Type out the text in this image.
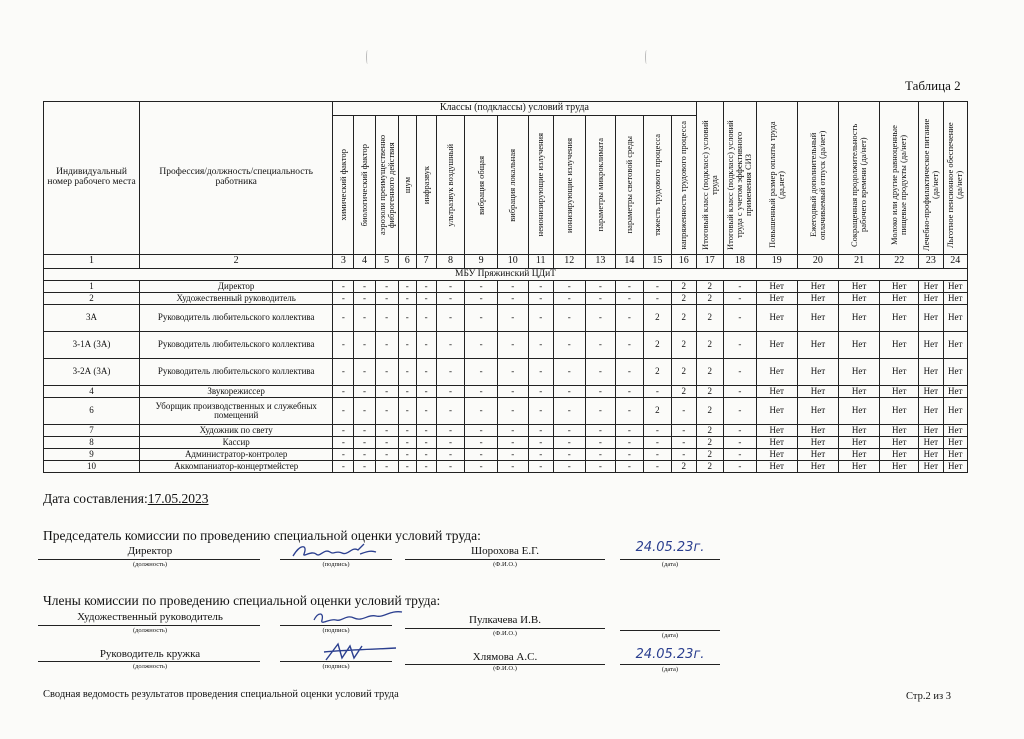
Таблица 2
Индивидуальный номер рабочего места	Профессия/должность/специальность работника	Классы (подклассы) условий труда														Итоговый класс (подкласс) условий труда	Итоговый класс (подкласс) условий труда с учетом эффективного применения СИЗ	Повышенный размер оплаты труда (да,нет)	Ежегодный дополнительный оплачиваемый отпуск (да/нет)	Сокращенная продолжительность рабочего времени (да/нет)	Молоко или другие равноценные пищевые продукты (да/нет)	Лечебно-профилактическое питание (да/нет)	Льготное пенсионное обеспечение (да/нет)

		химический фактор	биологический фактор	аэрозоли преимущественно фиброгенного действия	шум	инфразвук	ультразвук воздушный	вибрация общая	вибрация локальная	неионизирующие излучения	ионизирующие излучения	параметры микроклимата	параметры световой среды	тяжесть трудового процесса	напряженность трудового процесса								

1	2	3	4	5	6	7	8	9	10	11	12	13	14	15	16	17	18	19	20	21	22	23	24
МБУ Пряжинский ЦДиТ																							
1	Директор	-	-	-	-	-	-	-	-	-	-	-	-	-	2	2	-	Нет	Нет	Нет	Нет	Нет	Нет
2	Художественный руководитель	-	-	-	-	-	-	-	-	-	-	-	-	-	2	2	-	Нет	Нет	Нет	Нет	Нет	Нет
3А	Руководитель любительского коллектива	-	-	-	-	-	-	-	-	-	-	-	-	2	2	2	-	Нет	Нет	Нет	Нет	Нет	Нет
3-1А (3А)	Руководитель любительского коллектива	-	-	-	-	-	-	-	-	-	-	-	-	2	2	2	-	Нет	Нет	Нет	Нет	Нет	Нет
3-2А (3А)	Руководитель любительского коллектива	-	-	-	-	-	-	-	-	-	-	-	-	2	2	2	-	Нет	Нет	Нет	Нет	Нет	Нет
4	Звукорежиссер	-	-	-	-	-	-	-	-	-	-	-	-	-	2	2	-	Нет	Нет	Нет	Нет	Нет	Нет
6	Уборщик производственных и служебных помещений	-	-	-	-	-	-	-	-	-	-	-	-	2	-	2	-	Нет	Нет	Нет	Нет	Нет	Нет
7	Художник по свету	-	-	-	-	-	-	-	-	-	-	-	-	-	-	2	-	Нет	Нет	Нет	Нет	Нет	Нет
8	Кассир	-	-	-	-	-	-	-	-	-	-	-	-	-	-	2	-	Нет	Нет	Нет	Нет	Нет	Нет
9	Администратор-контролер	-	-	-	-	-	-	-	-	-	-	-	-	-	-	2	-	Нет	Нет	Нет	Нет	Нет	Нет
10	Аккомпаниатор-концертмейстер	-	-	-	-	-	-	-	-	-	-	-	-	-	2	2	-	Нет	Нет	Нет	Нет	Нет	Нет
Дата составления:17.05.2023
Председатель комиссии по проведению специальной оценки условий труда:
Директор
(должность)	(подпись)
Шорохова Е.Г.
(Ф.И.О.)
24.05.23г.
(дата)
Члены комиссии по проведению специальной оценки условий труда:
Художественный руководитель
(должность)	(подпись)
Пулкачева И.В.
(Ф.И.О.)	(дата)
Руководитель кружка
(должность)	(подпись)
Хлямова А.С.
(Ф.И.О.)
24.05.23г.
(дата)
Сводная ведомость результатов проведения специальной оценки условий труда	Стр.2 из 3
